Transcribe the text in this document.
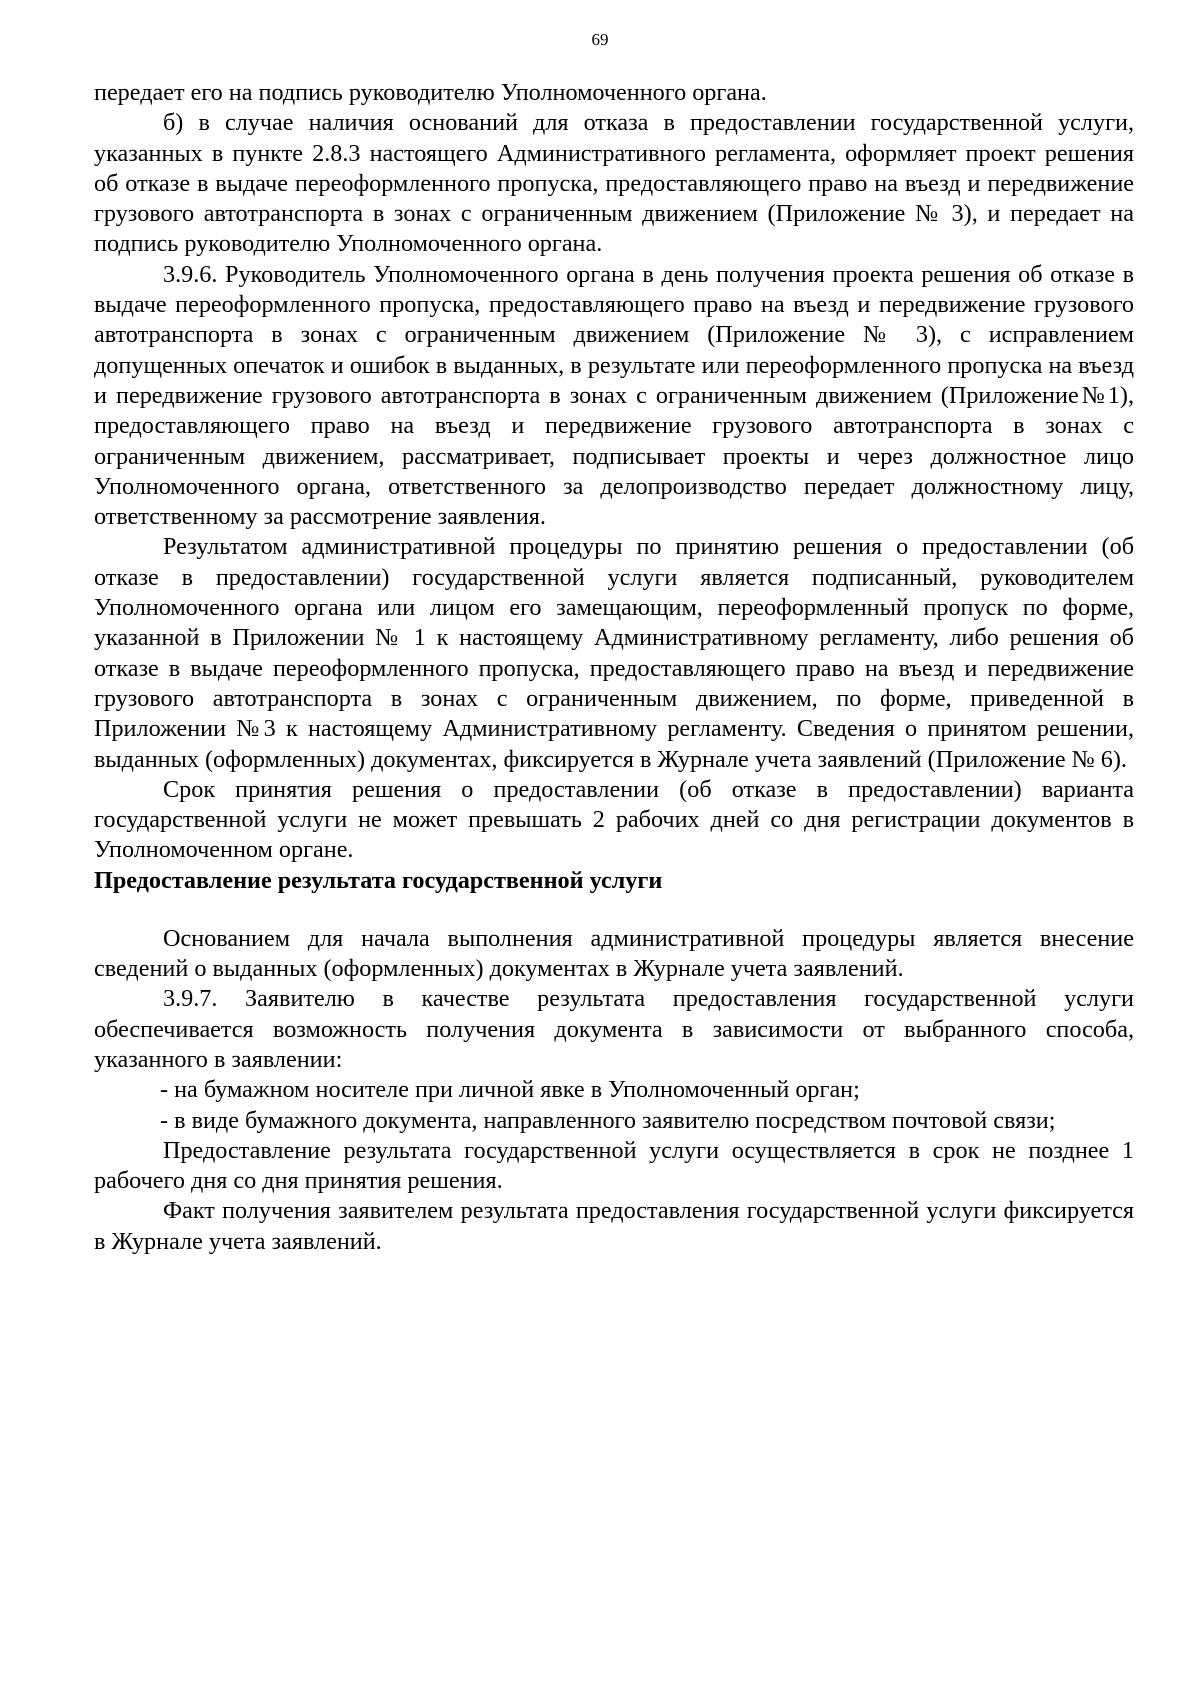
69

передает его на подпись руководителю Уполномоченного органа.

б) в случае наличия оснований для отказа в предоставлении государственной услуги, указанных в пункте 2.8.3 настоящего Административного регламента, оформляет проект решения об отказе в выдаче переоформленного пропуска, предоставляющего право на въезд и передвижение грузового автотранспорта в зонах с ограниченным движением (Приложение № 3), и передает на подпись руководителю Уполномоченного органа.

3.9.6. Руководитель Уполномоченного органа в день получения проекта решения об отказе в выдаче переоформленного пропуска, предоставляющего право на въезд и передвижение грузового автотранспорта в зонах с ограниченным движением (Приложение № 3), с исправлением допущенных опечаток и ошибок в выданных, в результате или переоформленного пропуска на въезд и передвижение грузового автотранспорта в зонах с ограниченным движением (Приложение№1), предоставляющего право на въезд и передвижение грузового автотранспорта в зонах с ограниченным движением, рассматривает, подписывает проекты и через должностное лицо Уполномоченного органа, ответственного за делопроизводство передает должностному лицу, ответственному за рассмотрение заявления.

Результатом административной процедуры по принятию решения о предоставлении (об отказе в предоставлении) государственной услуги является подписанный, руководителем Уполномоченного органа или лицом его замещающим, переоформленный пропуск по форме, указанной в Приложении № 1 к настоящему Административному регламенту, либо решения об отказе в выдаче переоформленного пропуска, предоставляющего право на въезд и передвижение грузового автотранспорта в зонах с ограниченным движением, по форме, приведенной в Приложении №3 к настоящему Административному регламенту. Сведения о принятом решении, выданных (оформленных) документах, фиксируется в Журнале учета заявлений (Приложение № 6).

Срок принятия решения о предоставлении (об отказе в предоставлении) варианта государственной услуги не может превышать 2 рабочих дней со дня регистрации документов в Уполномоченном органе.

Предоставление результата государственной услуги

Основанием для начала выполнения административной процедуры является внесение сведений о выданных (оформленных) документах в Журнале учета заявлений.

3.9.7. Заявителю в качестве результата предоставления государственной услуги обеспечивается возможность получения документа в зависимости от выбранного способа, указанного в заявлении:

- на бумажном носителе при личной явке в Уполномоченный орган;

- в виде бумажного документа, направленного заявителю посредством почтовой связи;

Предоставление результата государственной услуги осуществляется в срок не позднее 1 рабочего дня со дня принятия решения.

Факт получения заявителем результата предоставления государственной услуги фиксируется в Журнале учета заявлений.
